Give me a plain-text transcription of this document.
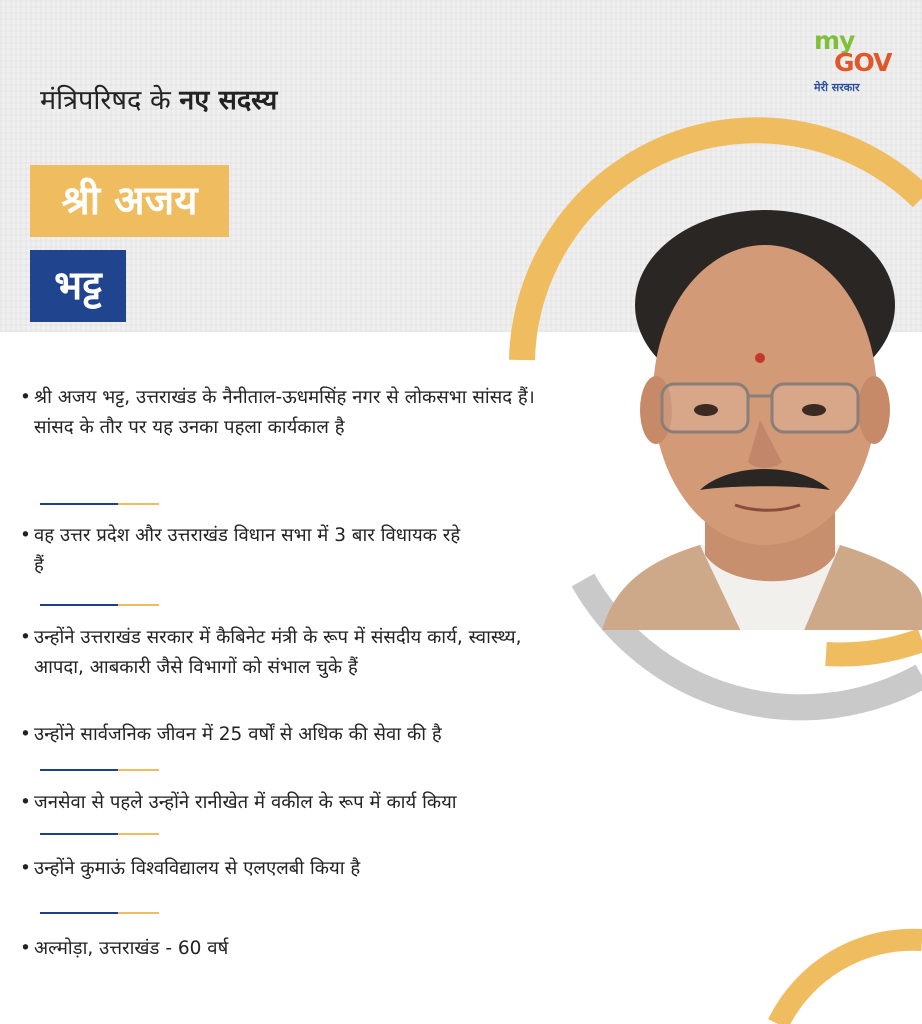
मंत्रिपरिषद के नए सदस्य
my
GOV
मेरी सरकार
श्री अजय
भट्ट
• श्री अजय भट्ट, उत्तराखंड के नैनीताल-ऊधमसिंह नगर से लोकसभा सांसद हैं। सांसद के तौर पर यह उनका पहला कार्यकाल है
• वह उत्तर प्रदेश और उत्तराखंड विधान सभा में 3 बार विधायक रहे हैं
• उन्होंने उत्तराखंड सरकार में कैबिनेट मंत्री के रूप में संसदीय कार्य, स्वास्थ्य, आपदा, आबकारी जैसे विभागों को संभाल चुके हैं
• उन्होंने सार्वजनिक जीवन में 25 वर्षों से अधिक की सेवा की है
• जनसेवा से पहले उन्होंने रानीखेत में वकील के रूप में कार्य किया
• उन्होंने कुमाऊं विश्वविद्यालय से एलएलबी किया है
• अल्मोड़ा, उत्तराखंड - 60 वर्ष
